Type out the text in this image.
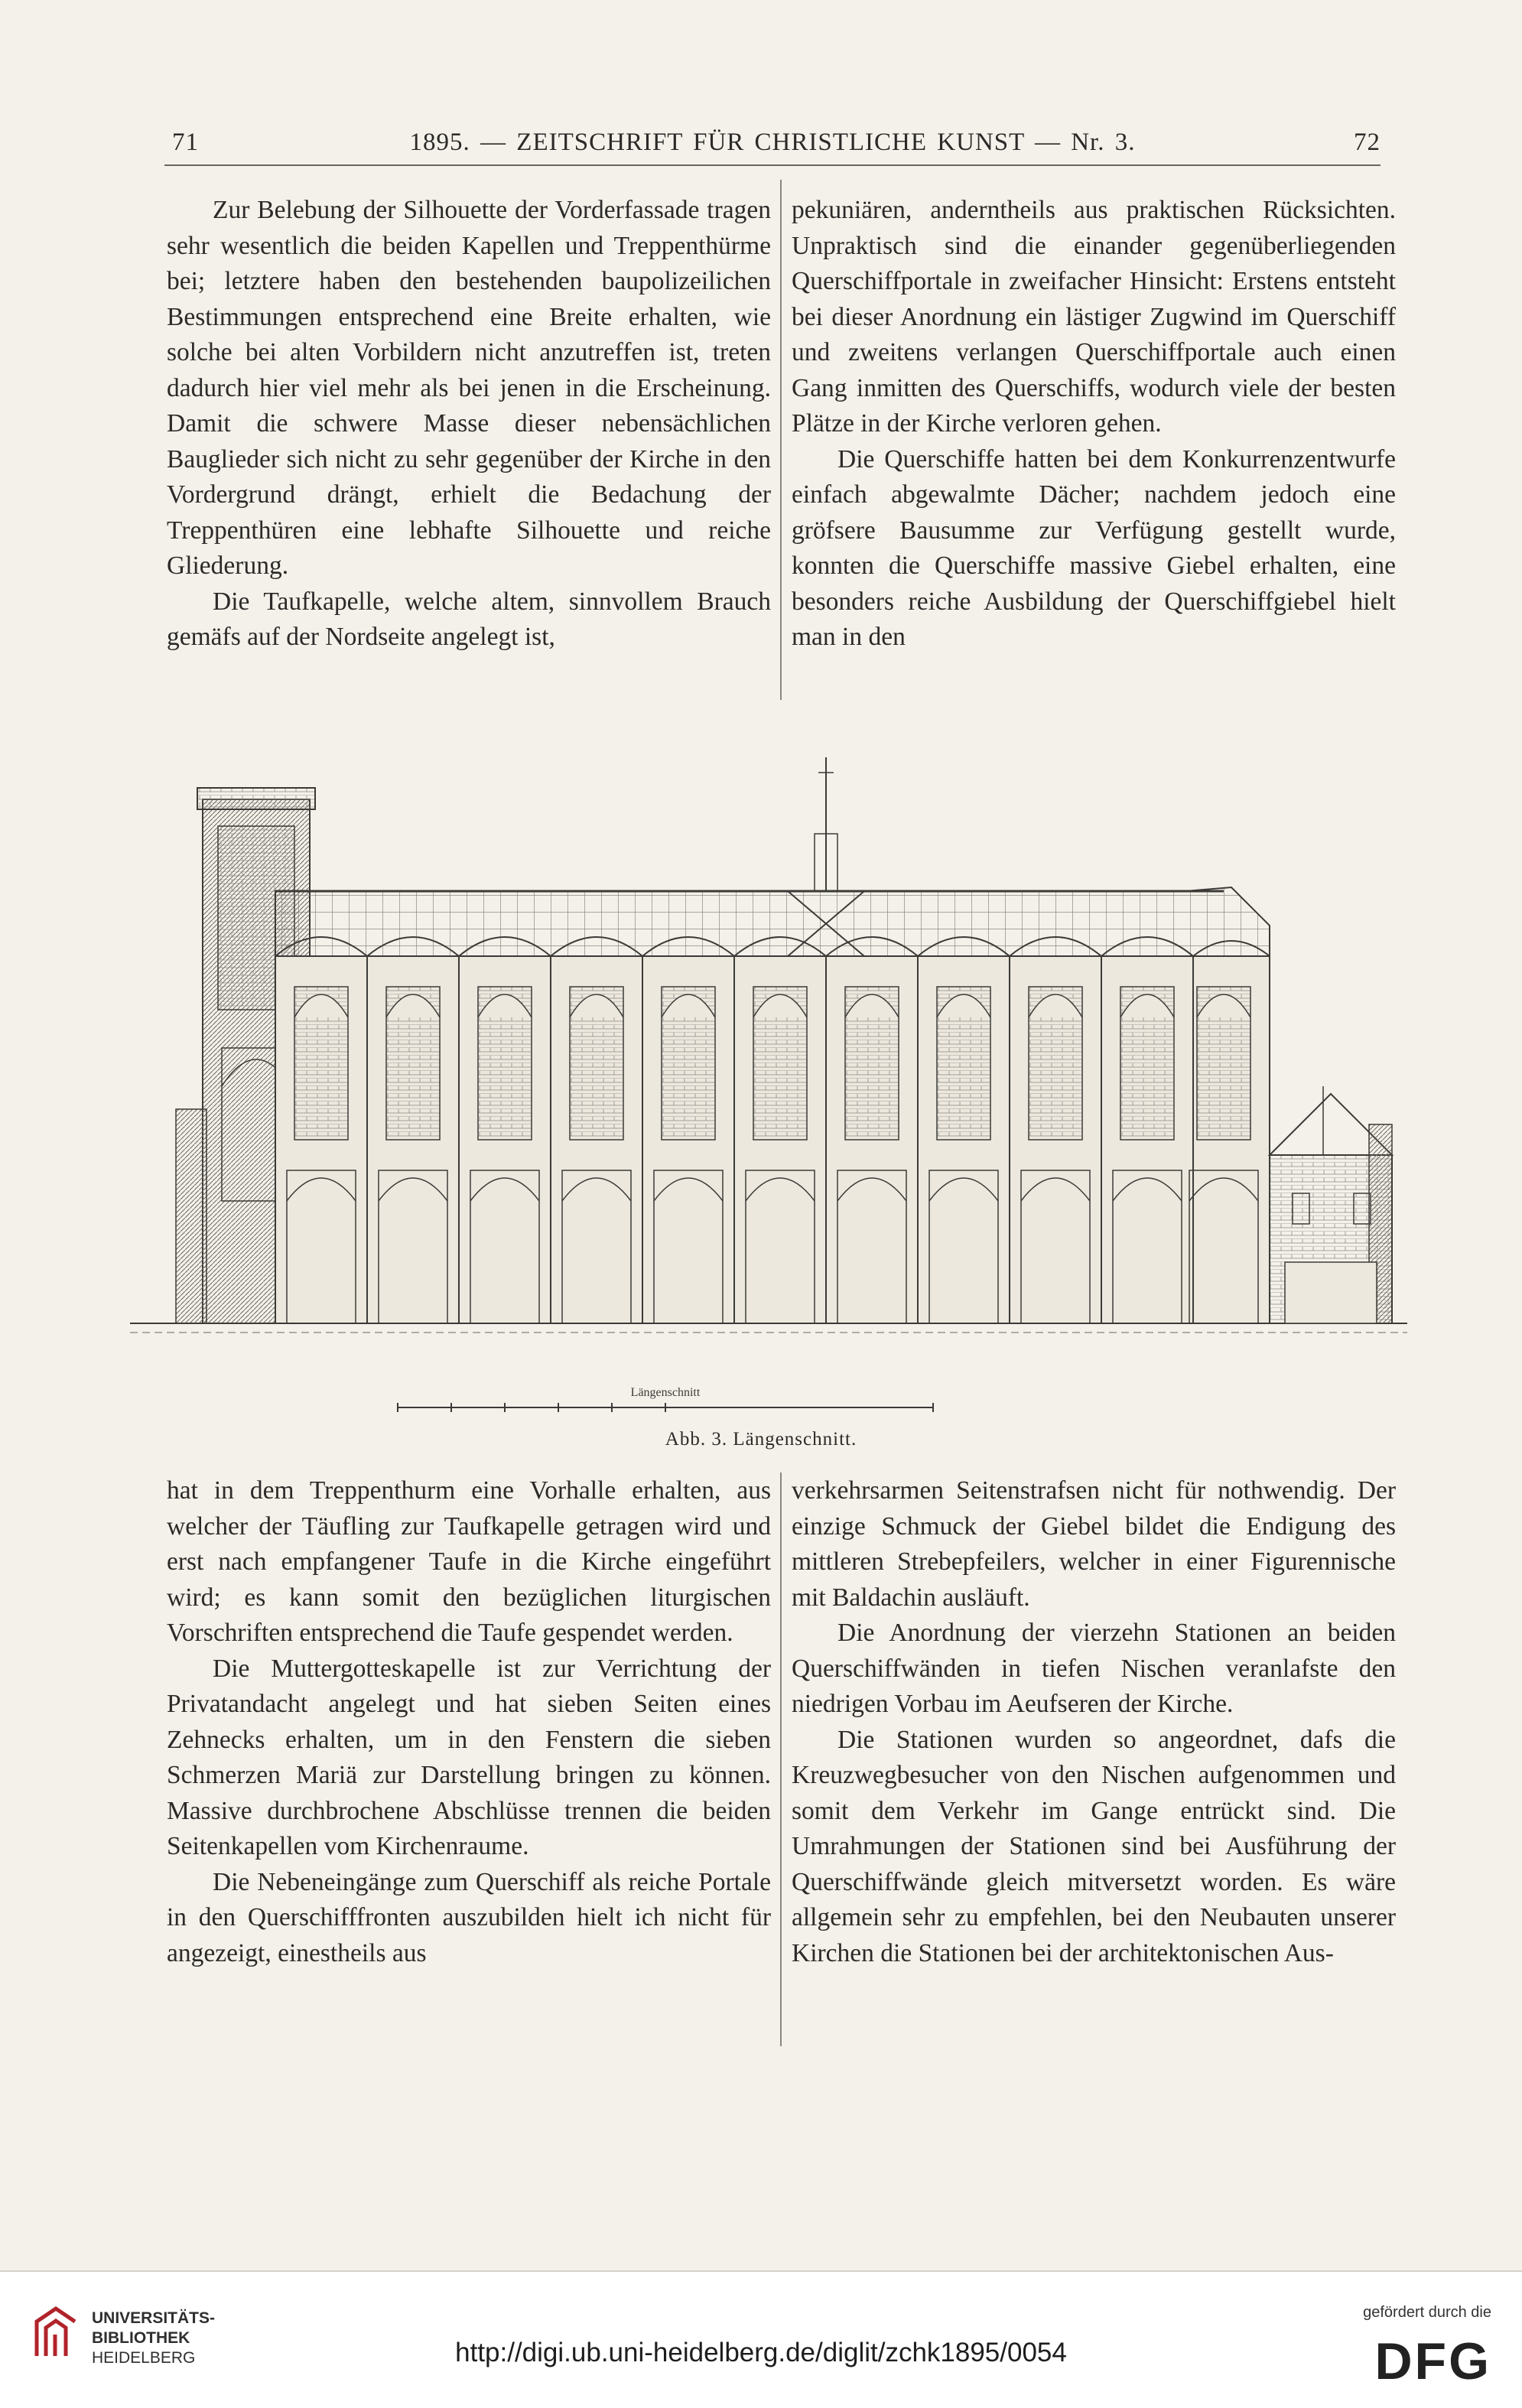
71	1895. — ZEITSCHRIFT FÜR CHRISTLICHE KUNST — Nr. 3.	72

Zur Belebung der Silhouette der Vorderfassade tragen sehr wesentlich die beiden Kapellen und Treppenthürme bei; letztere haben den bestehenden baupolizeilichen Bestimmungen entsprechend eine Breite erhalten, wie solche bei alten Vorbildern nicht anzutreffen ist, treten dadurch hier viel mehr als bei jenen in die Erscheinung. Damit die schwere Masse dieser nebensächlichen Bauglieder sich nicht zu sehr gegenüber der Kirche in den Vordergrund drängt, erhielt die Bedachung der Treppenthüren eine lebhafte Silhouette und reiche Gliederung.

Die Taufkapelle, welche altem, sinnvollem Brauch gemäfs auf der Nordseite angelegt ist,

pekuniären, anderntheils aus praktischen Rücksichten. Unpraktisch sind die einander gegenüberliegenden Querschiffportale in zweifacher Hinsicht: Erstens entsteht bei dieser Anordnung ein lästiger Zugwind im Querschiff und zweitens verlangen Querschiffportale auch einen Gang inmitten des Querschiffs, wodurch viele der besten Plätze in der Kirche verloren gehen.

Die Querschiffe hatten bei dem Konkurrenzentwurfe einfach abgewalmte Dächer; nachdem jedoch eine gröfsere Bausumme zur Verfügung gestellt wurde, konnten die Querschiffe massive Giebel erhalten, eine besonders reiche Ausbildung der Querschiffgiebel hielt man in den

Längenschnitt
Abb. 3. Längenschnitt.

hat in dem Treppenthurm eine Vorhalle erhalten, aus welcher der Täufling zur Taufkapelle getragen wird und erst nach empfangener Taufe in die Kirche eingeführt wird; es kann somit den bezüglichen liturgischen Vorschriften entsprechend die Taufe gespendet werden.

Die Muttergotteskapelle ist zur Verrichtung der Privatandacht angelegt und hat sieben Seiten eines Zehnecks erhalten, um in den Fenstern die sieben Schmerzen Mariä zur Darstellung bringen zu können. Massive durchbrochene Abschlüsse trennen die beiden Seitenkapellen vom Kirchenraume.

Die Nebeneingänge zum Querschiff als reiche Portale in den Querschifffronten auszubilden hielt ich nicht für angezeigt, einestheils aus

verkehrsarmen Seitenstrafsen nicht für nothwendig. Der einzige Schmuck der Giebel bildet die Endigung des mittleren Strebepfeilers, welcher in einer Figurennische mit Baldachin ausläuft.

Die Anordnung der vierzehn Stationen an beiden Querschiffwänden in tiefen Nischen veranlafste den niedrigen Vorbau im Aeufseren der Kirche.

Die Stationen wurden so angeordnet, dafs die Kreuzwegbesucher von den Nischen aufgenommen und somit dem Verkehr im Gange entrückt sind. Die Umrahmungen der Stationen sind bei Ausführung der Querschiffwände gleich mitversetzt worden. Es wäre allgemein sehr zu empfehlen, bei den Neubauten unserer Kirchen die Stationen bei der architektonischen Aus-

UNIVERSITÄTS-
BIBLIOTHEK
HEIDELBERG	http://digi.ub.uni-heidelberg.de/diglit/zchk1895/0054
gefördert durch die
DFG
